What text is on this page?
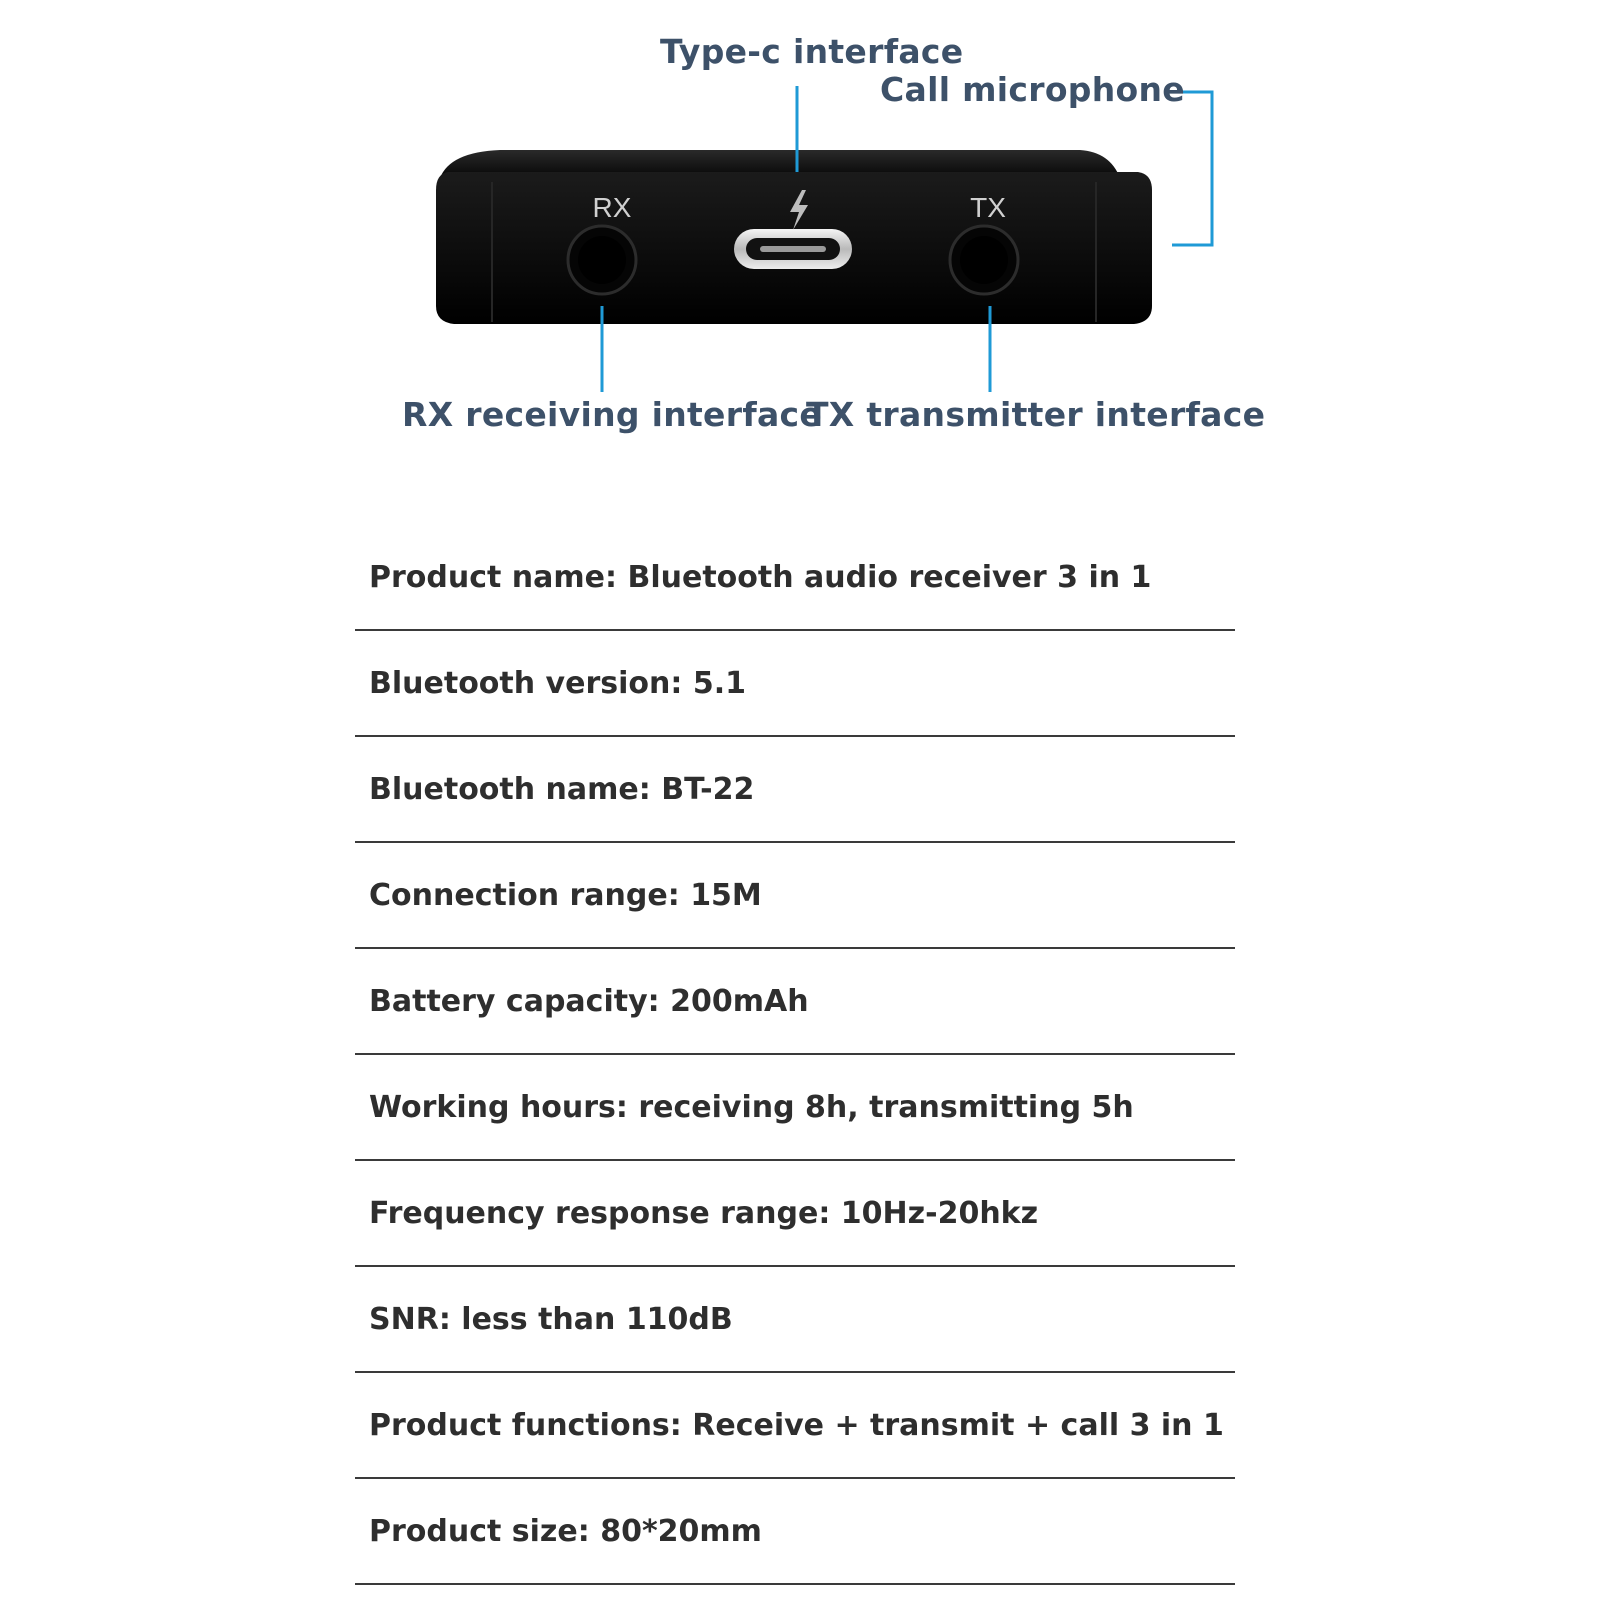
RX	TX
Type-c interface
Call microphone
RX receiving interface
TX transmitter interface
Product name : Bluetooth audio receiver 3 in 1
Bluetooth version : 5.1
Bluetooth name : BT-22
Connection range : 15M
Battery capacity : 200mAh
Working hours : receiving 8h, transmitting 5h
Frequency response range : 10Hz-20hkz
SNR : less than 110dB
Product functions : Receive + transmit + call 3 in 1
Product size : 80*20mm
